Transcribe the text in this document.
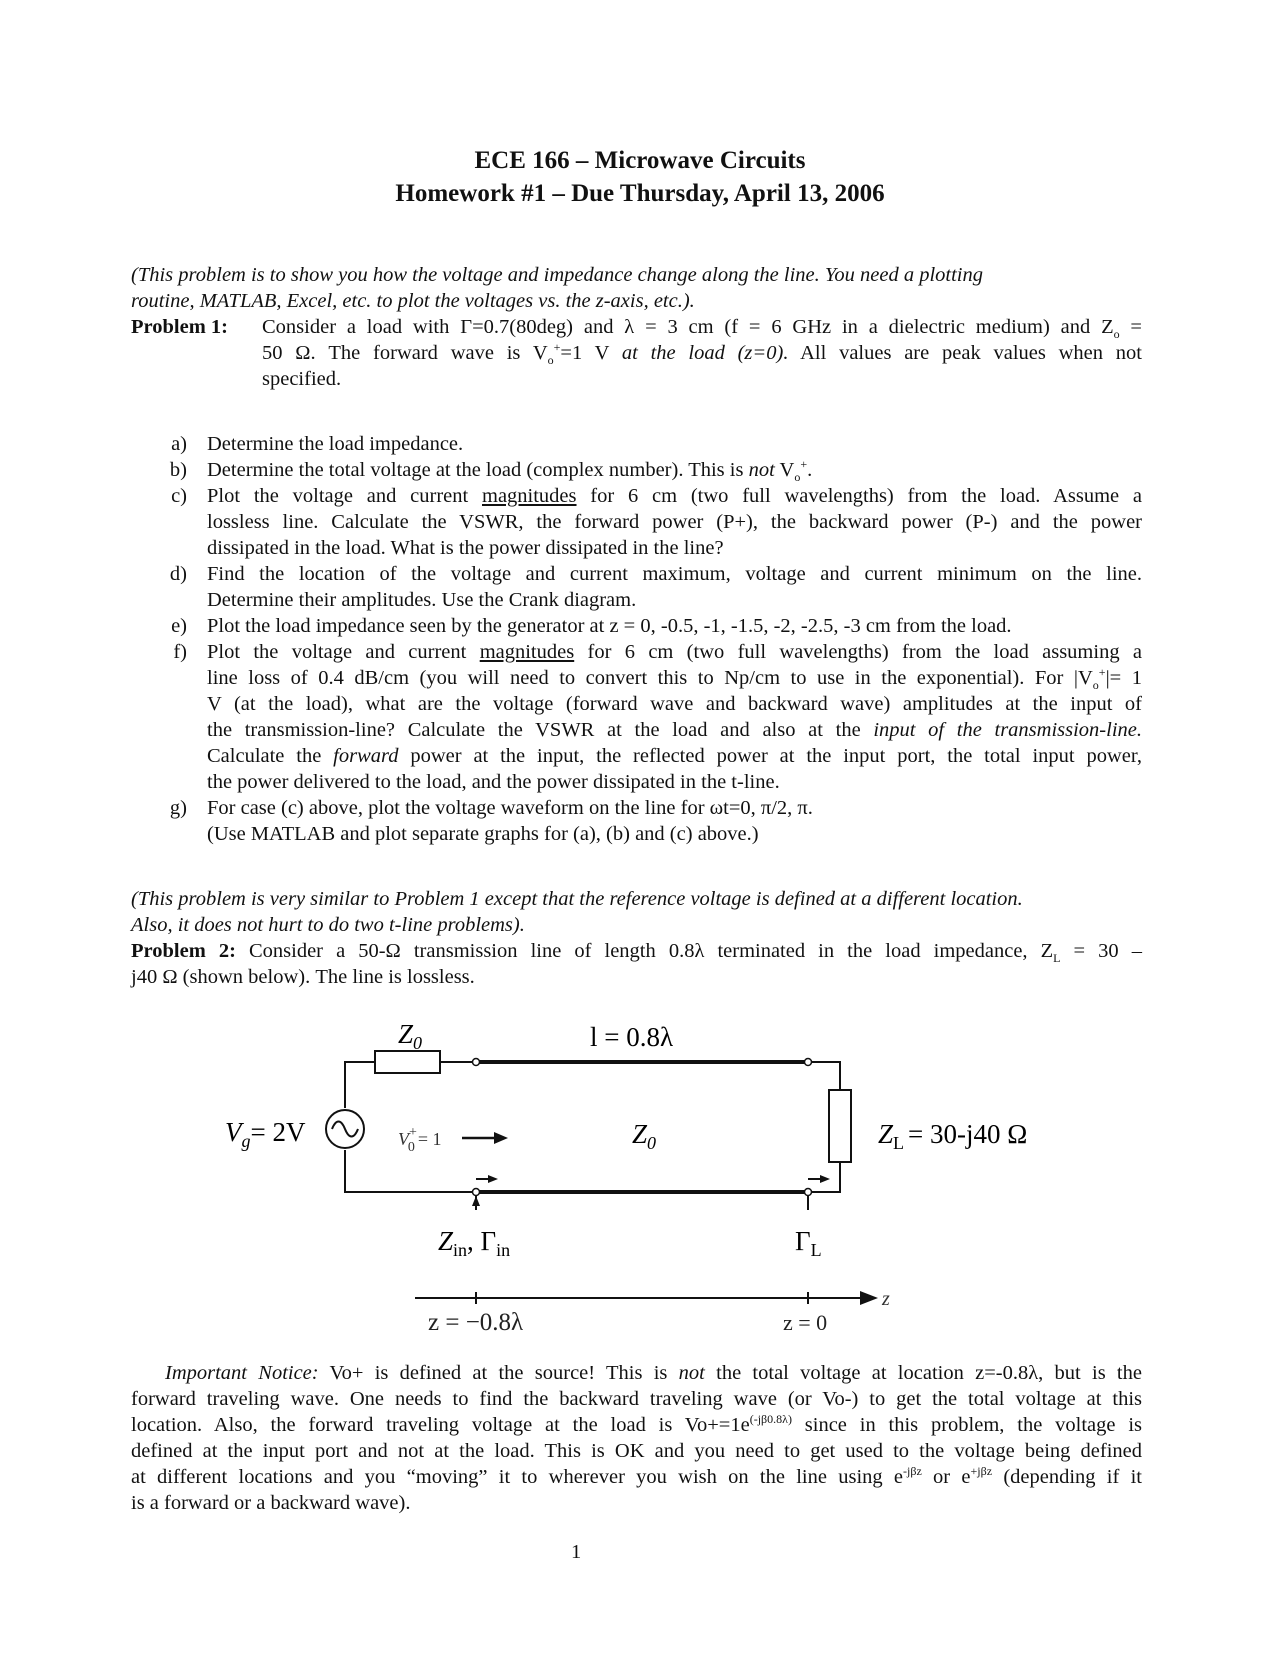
ECE 166 – Microwave Circuits
Homework #1 – Due Thursday, April 13, 2006
(This problem is to show you how the voltage and impedance change along the line. You need a plotting
routine, MATLAB, Excel, etc. to plot the voltages vs. the z-axis, etc.).
Problem 1: Consider a load with Γ=0.7(80deg) and λ = 3 cm (f = 6 GHz in a dielectric medium) and $Z_o$ =
50 Ω. The forward wave is $V_o^+=1$ V at the load (z=0). All values are peak values when not
specified.
a) Determine the load impedance.
b) Determine the total voltage at the load (complex number). This is not $V_o^+$.
c) Plot the voltage and current magnitudes for 6 cm (two full wavelengths) from the load. Assume a
lossless line. Calculate the VSWR, the forward power (P+), the backward power (P-) and the power
dissipated in the load. What is the power dissipated in the line?
d) Find the location of the voltage and current maximum, voltage and current minimum on the line.
Determine their amplitudes. Use the Crank diagram.
e) Plot the load impedance seen by the generator at z = 0, -0.5, -1, -1.5, -2, -2.5, -3 cm from the load.
f) Plot the voltage and current magnitudes for 6 cm (two full wavelengths) from the load assuming a
line loss of 0.4 dB/cm (you will need to convert this to Np/cm to use in the exponential). For $|V_o^+|= 1$
V (at the load), what are the voltage (forward wave and backward wave) amplitudes at the input of
the transmission-line? Calculate the VSWR at the load and also at the input of the transmission-line.
Calculate the forward power at the input, the reflected power at the input port, the total input power,
the power delivered to the load, and the power dissipated in the t-line.
g) For case (c) above, plot the voltage waveform on the line for ωt=0, π/2, π.
(Use MATLAB and plot separate graphs for (a), (b) and (c) above.)
(This problem is very similar to Problem 1 except that the reference voltage is defined at a different location.
Also, it does not hurt to do two t-line problems).
Problem 2: Consider a 50-Ω transmission line of length 0.8λ terminated in the load impedance, $Z_L = 30$ –
j40 Ω (shown below). The line is lossless.
$Z_0$	l = 0.8λ
$V_g= 2V$	V+ 0 = 1	$Z_0$	$Z_L = 30-j40$ Ω
$Z_{in}$, $\Gamma_{in}$	$\Gamma_L$
z
z = −0.8λ	z = 0
Important Notice: Vo+ is defined at the source! This is not the total voltage at location z=-0.8λ, but is the
forward traveling wave. One needs to find the backward traveling wave (or Vo-) to get the total voltage at this
location. Also, the forward traveling voltage at the load is $Vo+=1e^{(-j\beta 0.8\lambda)}$ since in this problem, the voltage is
defined at the input port and not at the load. This is OK and you need to get used to the voltage being defined
at different locations and you “moving” it to wherever you wish on the line using $e^{-j\beta z}$ or $e^{+j\beta z}$ (depending if it
is a forward or a backward wave).
1
